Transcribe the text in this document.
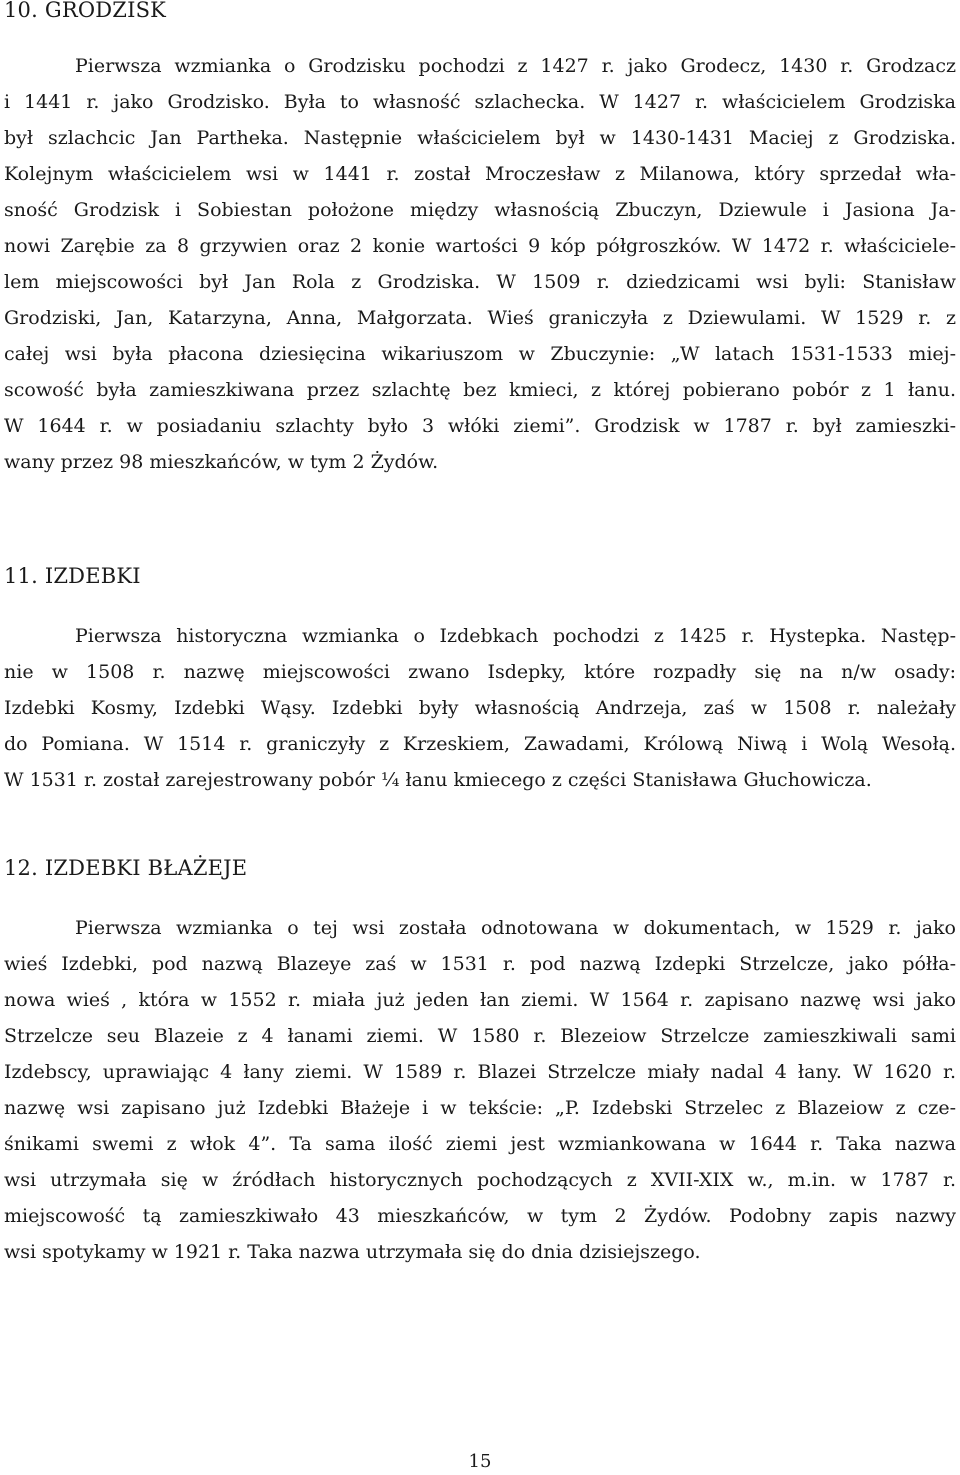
10. GRODZISK

Pierwsza wzmianka o Grodzisku pochodzi z 1427 r. jako Grodecz, 1430 r. Grodzacz

i 1441 r. jako Grodzisko. Była to własność szlachecka. W 1427 r. właścicielem Grodziska

był szlachcic Jan Partheka. Następnie właścicielem był w 1430-1431 Maciej z Grodziska.

Kolejnym właścicielem wsi w 1441 r. został Mroczesław z Milanowa, który sprzedał wła-

sność Grodzisk i Sobiestan położone między własnością Zbuczyn, Dziewule i Jasiona Ja-

nowi Zarębie za 8 grzywien oraz 2 konie wartości 9 kóp półgroszków. W 1472 r. właściciele-

lem miejscowości był Jan Rola z Grodziska. W 1509 r. dziedzicami wsi byli: Stanisław

Grodziski, Jan, Katarzyna, Anna, Małgorzata. Wieś graniczyła z Dziewulami. W 1529 r. z

całej wsi była płacona dziesięcina wikariuszom w Zbuczynie: „W latach 1531-1533 miej-

scowość była zamieszkiwana przez szlachtę bez kmieci, z której pobierano pobór z 1 łanu.

W 1644 r. w posiadaniu szlachty było 3 włóki ziemi”. Grodzisk w 1787 r. był zamieszki-

wany przez 98 mieszkańców, w tym 2 Żydów.

11. IZDEBKI

Pierwsza historyczna wzmianka o Izdebkach pochodzi z 1425 r. Hystepka. Następ-

nie w 1508 r. nazwę miejscowości zwano Isdepky, które rozpadły się na n/w osady:

Izdebki Kosmy, Izdebki Wąsy. Izdebki były własnością Andrzeja, zaś w 1508 r. należały

do Pomiana. W 1514 r. graniczyły z Krzeskiem, Zawadami, Królową Niwą i Wolą Wesołą.

W 1531 r. został zarejestrowany pobór ¼ łanu kmiecego z części Stanisława Głuchowicza.

12. IZDEBKI BŁAŻEJE

Pierwsza wzmianka o tej wsi została odnotowana w dokumentach, w 1529 r. jako

wieś Izdebki, pod nazwą Blazeye zaś w 1531 r. pod nazwą Izdepki Strzelcze, jako półła-

nowa wieś , która w 1552 r. miała już jeden łan ziemi. W 1564 r. zapisano nazwę wsi jako

Strzelcze seu Blazeie z 4 łanami ziemi. W 1580 r. Blezeiow Strzelcze zamieszkiwali sami

Izdebscy, uprawiając 4 łany ziemi. W 1589 r. Blazei Strzelcze miały nadal 4 łany. W 1620 r.

nazwę wsi zapisano już Izdebki Błażeje i w tekście: „P. Izdebski Strzelec z Blazeiow z cze-

śnikami swemi z włok 4”. Ta sama ilość ziemi jest wzmiankowana w 1644 r. Taka nazwa

wsi utrzymała się w źródłach historycznych pochodzących z XVII-XIX w., m.in. w 1787 r.

miejscowość tą zamieszkiwało 43 mieszkańców, w tym 2 Żydów. Podobny zapis nazwy

wsi spotykamy w 1921 r. Taka nazwa utrzymała się do dnia dzisiejszego.

15
